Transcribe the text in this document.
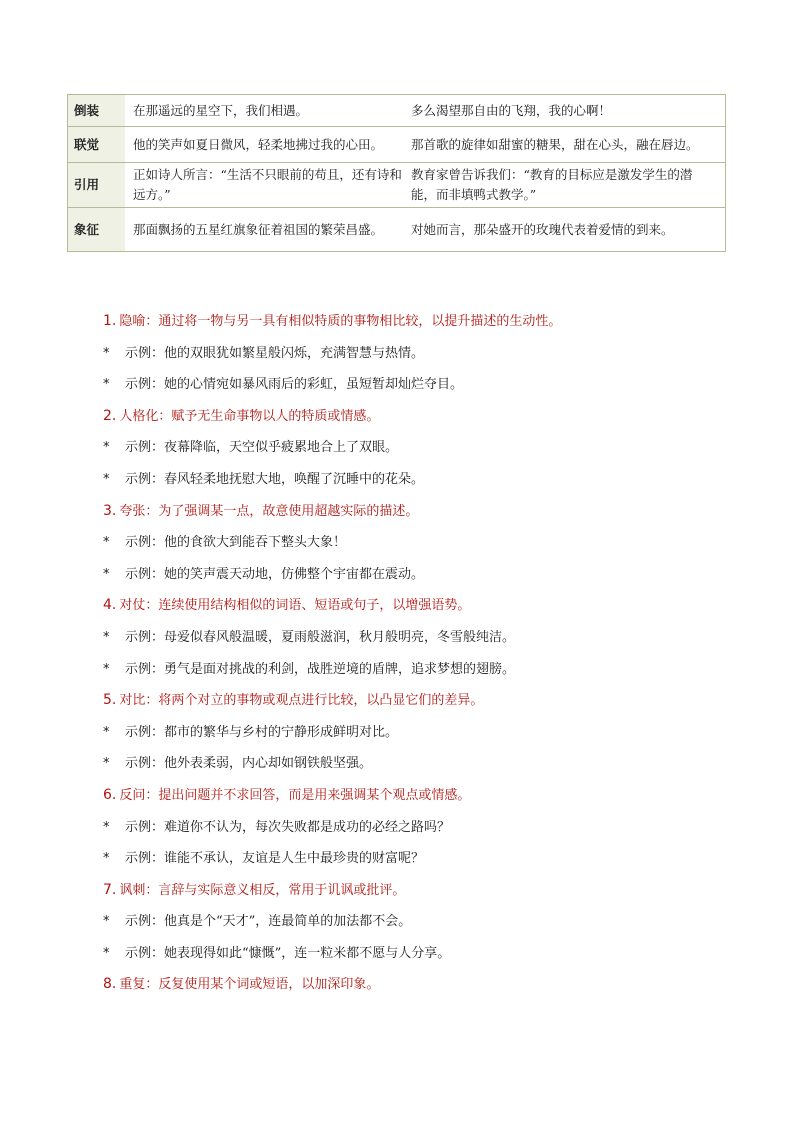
倒装	在那遥远的星空下，我们相遇。	多么渴望那自由的飞翔，我的心啊！
联觉	他的笑声如夏日微风，轻柔地拂过我的心田。	那首歌的旋律如甜蜜的糖果，甜在心头，融在唇边。
引用	正如诗人所言：“生活不只眼前的苟且，还有诗和远方。”	教育家曾告诉我们：“教育的目标应是激发学生的潜能，而非填鸭式教学。”
象征	那面飘扬的五星红旗象征着祖国的繁荣昌盛。	对她而言，那朵盛开的玫瑰代表着爱情的到来。
1. 隐喻：通过将一物与另一具有相似特质的事物相比较，以提升描述的生动性。
* 示例：他的双眼犹如繁星般闪烁，充满智慧与热情。
* 示例：她的心情宛如暴风雨后的彩虹，虽短暂却灿烂夺目。
2. 人格化：赋予无生命事物以人的特质或情感。
* 示例：夜幕降临，天空似乎疲累地合上了双眼。
* 示例：春风轻柔地抚慰大地，唤醒了沉睡中的花朵。
3. 夸张：为了强调某一点，故意使用超越实际的描述。
* 示例：他的食欲大到能吞下整头大象！
* 示例：她的笑声震天动地，仿佛整个宇宙都在震动。
4. 对仗：连续使用结构相似的词语、短语或句子，以增强语势。
* 示例：母爱似春风般温暖，夏雨般滋润，秋月般明亮，冬雪般纯洁。
* 示例：勇气是面对挑战的利剑，战胜逆境的盾牌，追求梦想的翅膀。
5. 对比：将两个对立的事物或观点进行比较，以凸显它们的差异。
* 示例：都市的繁华与乡村的宁静形成鲜明对比。
* 示例：他外表柔弱，内心却如钢铁般坚强。
6. 反问：提出问题并不求回答，而是用来强调某个观点或情感。
* 示例：难道你不认为，每次失败都是成功的必经之路吗？
* 示例：谁能不承认，友谊是人生中最珍贵的财富呢？
7. 讽刺：言辞与实际意义相反，常用于讥讽或批评。
* 示例：他真是个“天才”，连最简单的加法都不会。
* 示例：她表现得如此“慷慨”，连一粒米都不愿与人分享。
8. 重复：反复使用某个词或短语，以加深印象。
